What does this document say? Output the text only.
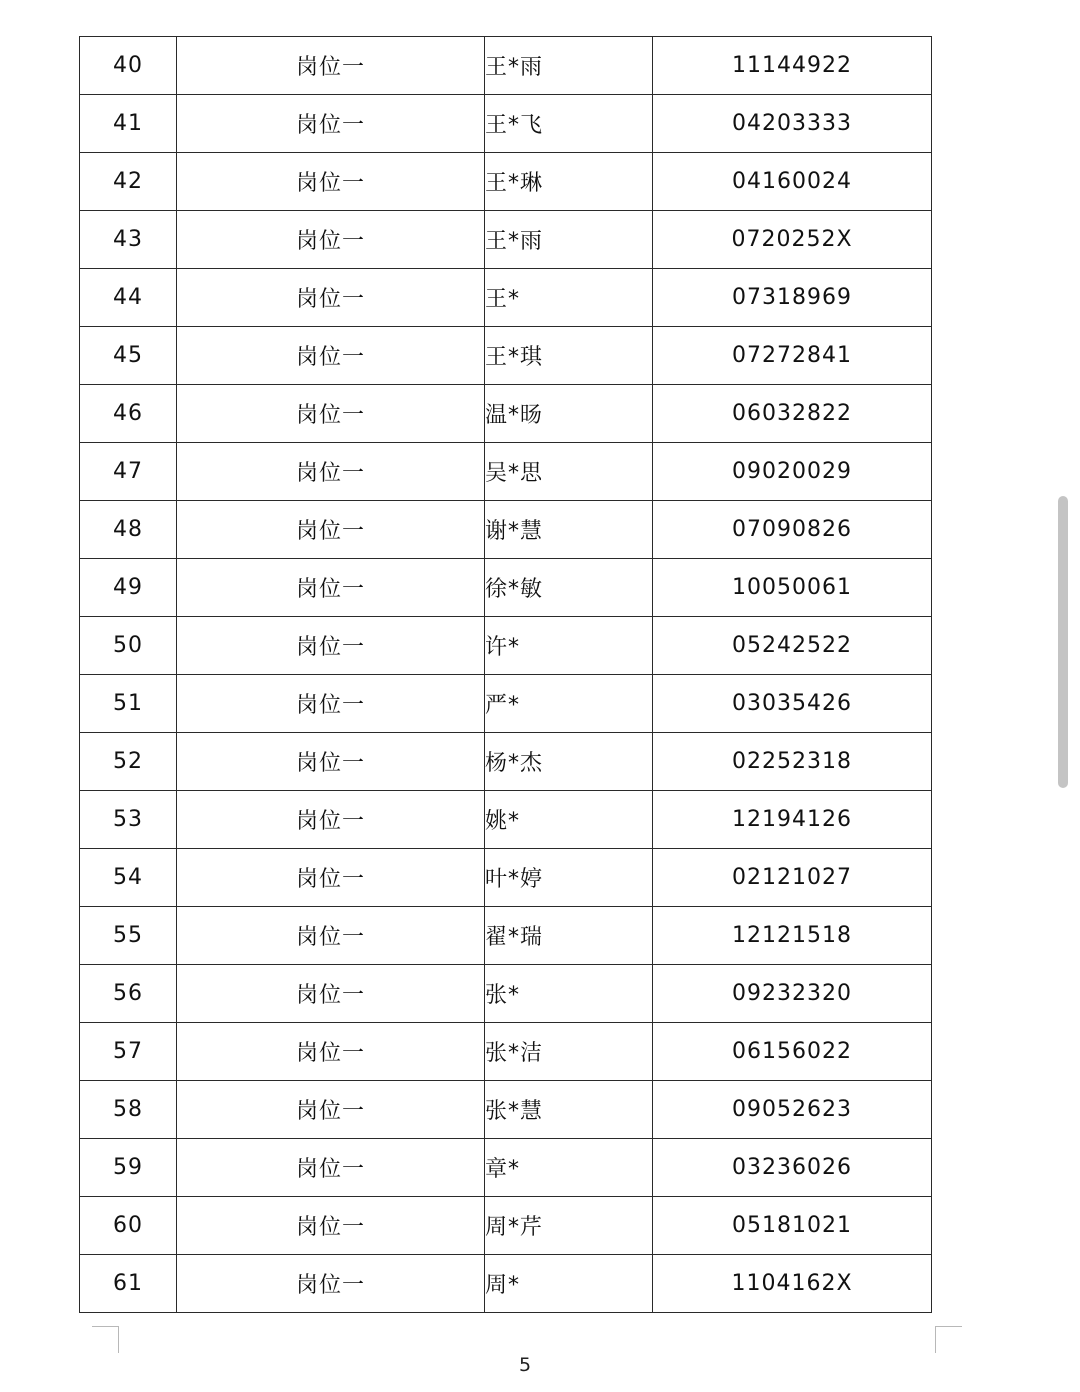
40	岗位一	王*雨	11144922
41	岗位一	王*飞	04203333
42	岗位一	王*琳	04160024
43	岗位一	王*雨	0720252X
44	岗位一	王*	07318969
45	岗位一	王*琪	07272841
46	岗位一	温*旸	06032822
47	岗位一	吴*思	09020029
48	岗位一	谢*慧	07090826
49	岗位一	徐*敏	10050061
50	岗位一	许*	05242522
51	岗位一	严*	03035426
52	岗位一	杨*杰	02252318
53	岗位一	姚*	12194126
54	岗位一	叶*婷	02121027
55	岗位一	翟*瑞	12121518
56	岗位一	张*	09232320
57	岗位一	张*洁	06156022
58	岗位一	张*慧	09052623
59	岗位一	章*	03236026
60	岗位一	周*芹	05181021
61	岗位一	周*	1104162X
5
